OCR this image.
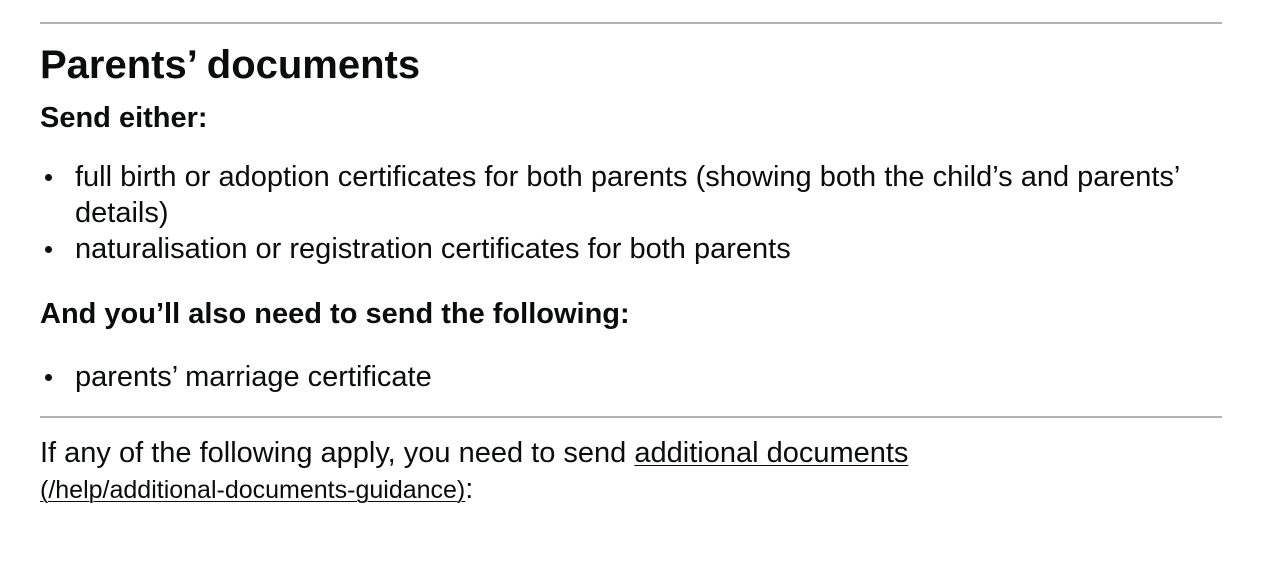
Parents’ documents
Send either:
full birth or adoption certificates for both parents (showing both the child’s and parents’ details)
naturalisation or registration certificates for both parents
And you’ll also need to send the following:
parents’ marriage certificate

If any of the following apply, you need to send additional documents
(/help/additional-documents-guidance):
